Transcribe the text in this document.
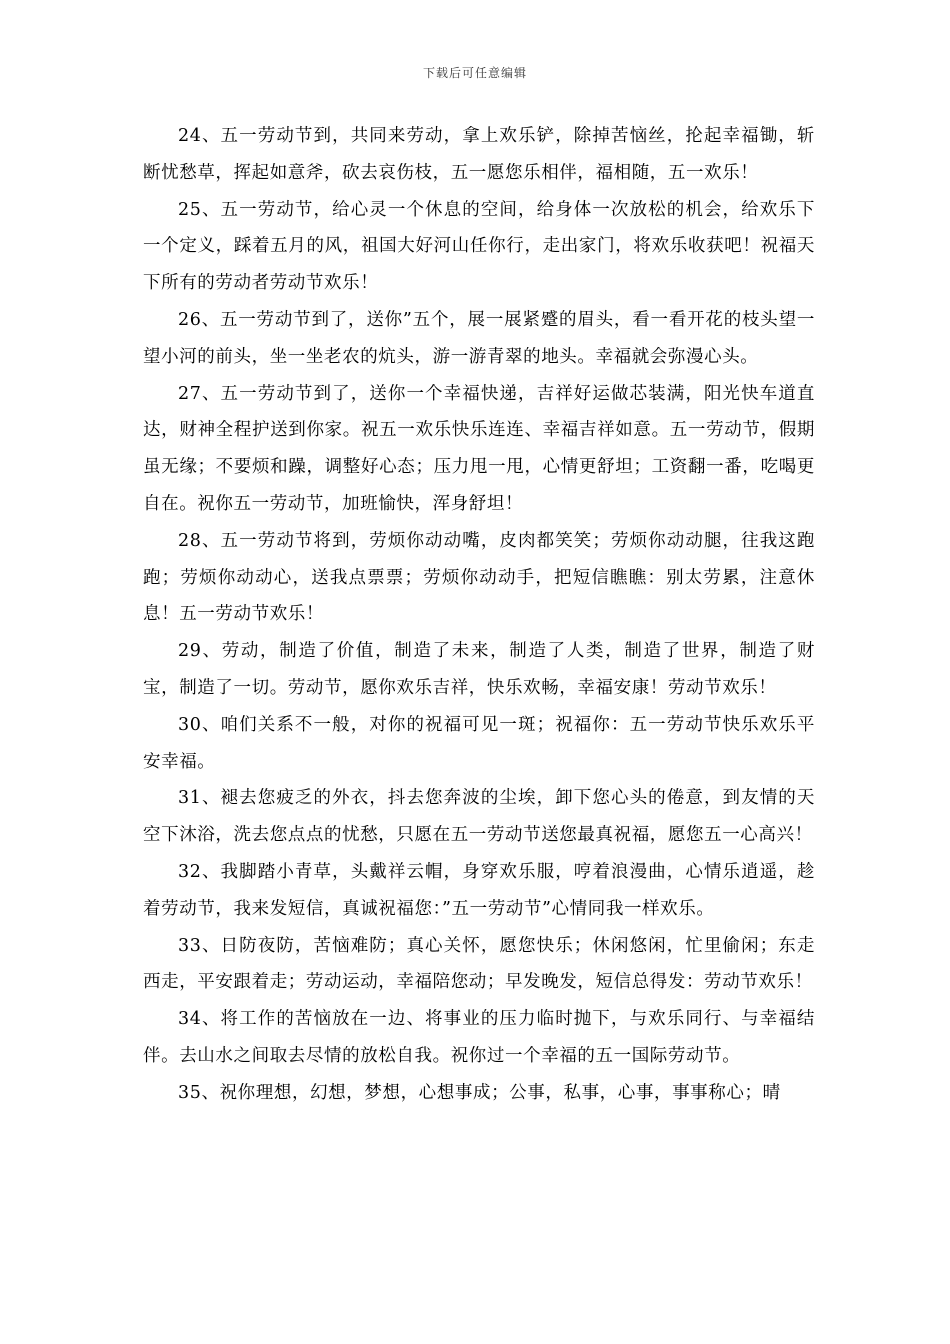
下载后可任意编辑

24、五一劳动节到，共同来劳动，拿上欢乐铲，除掉苦恼丝，抡起幸福锄，斩断忧愁草，挥起如意斧，砍去哀伤枝，五一愿您乐相伴，福相随，五一欢乐！

25、五一劳动节，给心灵一个休息的空间，给身体一次放松的机会，给欢乐下一个定义，踩着五月的风，祖国大好河山任你行，走出家门，将欢乐收获吧！祝福天下所有的劳动者劳动节欢乐！

26、五一劳动节到了，送你”五个，展一展紧蹙的眉头，看一看开花的枝头望一望小河的前头，坐一坐老农的炕头，游一游青翠的地头。幸福就会弥漫心头。

27、五一劳动节到了，送你一个幸福快递，吉祥好运做芯装满，阳光快车道直达，财神全程护送到你家。祝五一欢乐快乐连连、幸福吉祥如意。五一劳动节，假期虽无缘；不要烦和躁，调整好心态；压力甩一甩，心情更舒坦；工资翻一番，吃喝更自在。祝你五一劳动节，加班愉快，浑身舒坦！

28、五一劳动节将到，劳烦你动动嘴，皮肉都笑笑；劳烦你动动腿，往我这跑跑；劳烦你动动心，送我点票票；劳烦你动动手，把短信瞧瞧：别太劳累，注意休息！五一劳动节欢乐！

29、劳动，制造了价值，制造了未来，制造了人类，制造了世界，制造了财宝，制造了一切。劳动节，愿你欢乐吉祥，快乐欢畅，幸福安康！劳动节欢乐！

30、咱们关系不一般，对你的祝福可见一斑；祝福你：五一劳动节快乐欢乐平安幸福。

31、褪去您疲乏的外衣，抖去您奔波的尘埃，卸下您心头的倦意，到友情的天空下沐浴，洗去您点点的忧愁，只愿在五一劳动节送您最真祝福，愿您五一心高兴！

32、我脚踏小青草，头戴祥云帽，身穿欢乐服，哼着浪漫曲，心情乐逍遥，趁着劳动节，我来发短信，真诚祝福您：”五一劳动节”心情同我一样欢乐。

33、日防夜防，苦恼难防；真心关怀，愿您快乐；休闲悠闲，忙里偷闲；东走西走，平安跟着走；劳动运动，幸福陪您动；早发晚发，短信总得发：劳动节欢乐！

34、将工作的苦恼放在一边、将事业的压力临时抛下，与欢乐同行、与幸福结伴。去山水之间取去尽情的放松自我。祝你过一个幸福的五一国际劳动节。

35、祝你理想，幻想，梦想，心想事成；公事，私事，心事，事事称心；晴
